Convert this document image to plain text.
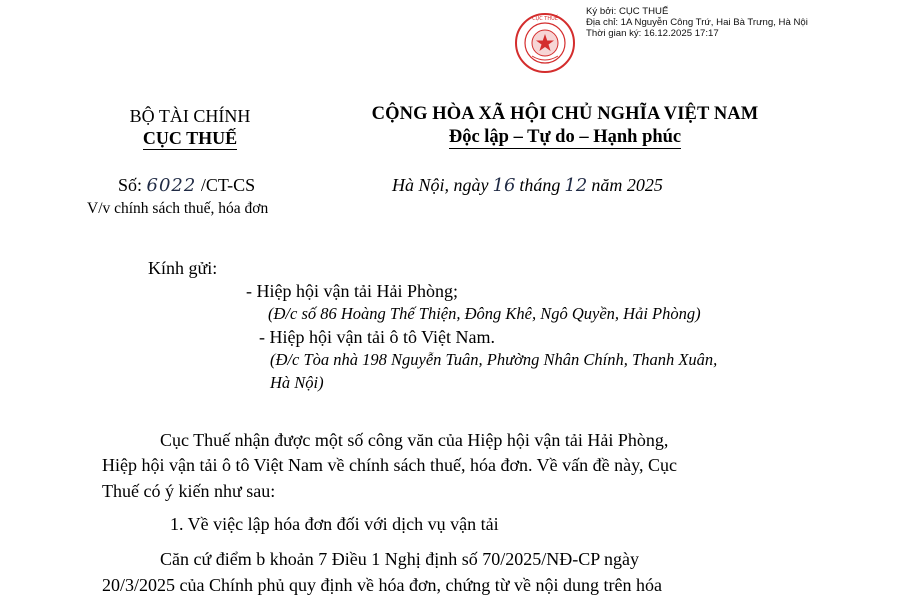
CỤC THUẾ
Ký bởi: CỤC THUẾ
Địa chỉ: 1A Nguyễn Công Trứ, Hai Bà Trưng, Hà Nội
Thời gian ký: 16.12.2025 17:17
BỘ TÀI CHÍNH
CỤC THUẾ
CỘNG HÒA XÃ HỘI CHỦ NGHĨA VIỆT NAM
Độc lập – Tự do – Hạnh phúc
Số: 6022 /CT-CS
V/v chính sách thuế, hóa đơn
Hà Nội, ngày 16 tháng 12 năm 2025
Kính gửi:
- Hiệp hội vận tải Hải Phòng;
(Đ/c số 86 Hoàng Thế Thiện, Đông Khê, Ngô Quyền, Hải Phòng)
- Hiệp hội vận tải ô tô Việt Nam.
(Đ/c Tòa nhà 198 Nguyễn Tuân, Phường Nhân Chính, Thanh Xuân,
Hà Nội)
Cục Thuế nhận được một số công văn của Hiệp hội vận tải Hải Phòng,
Hiệp hội vận tải ô tô Việt Nam về chính sách thuế, hóa đơn. Về vấn đề này, Cục
Thuế có ý kiến như sau:
1. Về việc lập hóa đơn đối với dịch vụ vận tải
Căn cứ điểm b khoản 7 Điều 1 Nghị định số 70/2025/NĐ-CP ngày
20/3/2025 của Chính phủ quy định về hóa đơn, chứng từ về nội dung trên hóa
